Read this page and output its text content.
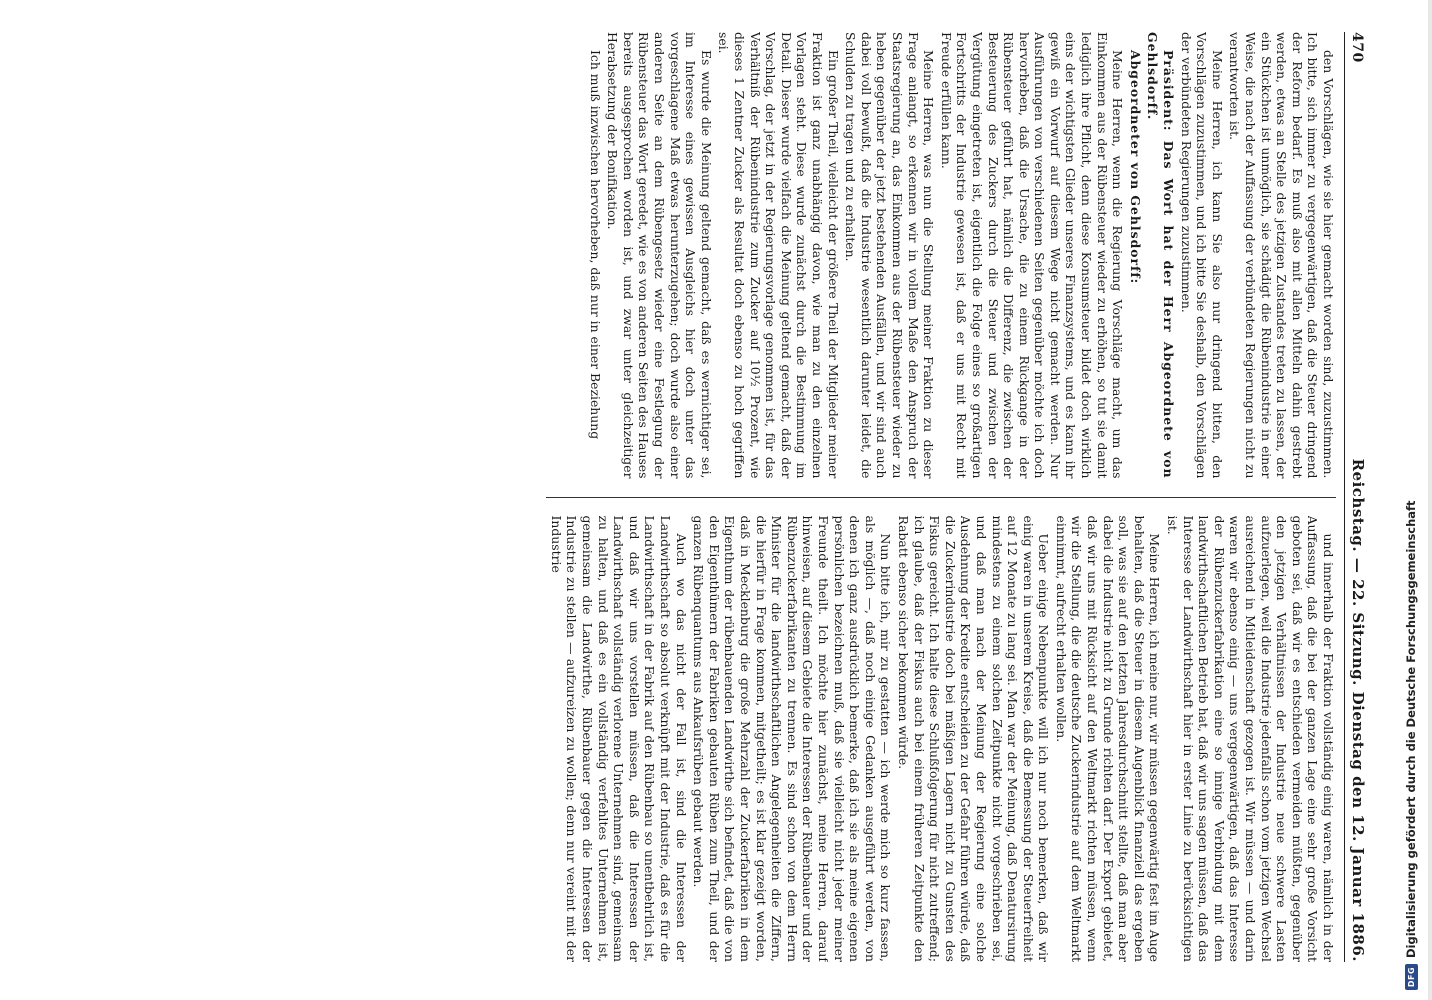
470
Reichstag. — 22. Sitzung. Dienstag den 12. Januar 1886.

den Vorschlägen, wie sie hier gemacht worden sind, zuzustimmen. Ich bitte, sich immer zu vergegenwärtigen, daß die Steuer dringend der Reform bedarf. Es muß also mit allen Mitteln dahin gestrebt werden, etwas an Stelle des jetzigen Zustandes treten zu lassen, der ein Stückchen ist unmöglich, sie schädigt die Rübenindustrie in einer Weise, die nach der Auffassung der verbündeten Regierungen nicht zu verantworten ist.

Meine Herren, ich kann Sie also nur dringend bitten, den Vorschlägen zuzustimmen, und ich bitte Sie deshalb, den Vorschlägen der verbündeten Regierungen zuzustimmen.

Präsident: Das Wort hat der Herr Abgeordnete von Gehlsdorff.

Abgeordneter von Gehlsdorff:

Meine Herren, wenn die Regierung Vorschläge macht, um das Einkommen aus der Rübensteuer wieder zu erhöhen, so tut sie damit lediglich ihre Pflicht, denn diese Konsumsteuer bildet doch wirklich eins der wichtigsten Glieder unseres Finanzsystems, und es kann ihr gewiß ein Vorwurf auf diesem Wege nicht gemacht werden. Nur Ausführungen von verschiedenen Seiten gegenüber möchte ich doch hervorheben, daß die Ursache, die zu einem Rückgange in der Rübensteuer geführt hat, nämlich die Differenz, die zwischen der Besteuerung des Zuckers durch die Steuer und zwischen der Vergütung eingetreten ist, eigentlich die Folge eines so großartigen Fortschritts der Industrie gewesen ist, daß er uns mit Recht mit Freude erfüllen kann.

Meine Herren, was nun die Stellung meiner Fraktion zu dieser Frage anlangt, so erkennen wir in vollem Maße den Anspruch der Staatsregierung an, das Einkommen aus der Rübensteuer wieder zu heben gegenüber der jetzt bestehenden Ausfällen, und wir sind auch dabei voll bewußt, daß die Industrie wesentlich darunter leidet, die Schulden zu tragen und zu erhalten.

Ein großer Theil, vielleicht der größere Theil der Mitglieder meiner Fraktion ist ganz unabhängig davon, wie man zu den einzelnen Vorlagen steht. Diese wurde zunächst durch die Bestimmung im Detail. Dieser wurde vielfach die Meinung geltend gemacht, daß der Vorschlag, der jetzt in der Regierungsvorlage genommen ist, für das Verhältniß der Rübenindustrie zum Zucker auf 10½ Prozent, wie dieses 1 Zentner Zucker als Resultat doch ebenso zu hoch gegriffen sei.

Es wurde die Meinung geltend gemacht, daß es wernichtiger sei, im Interesse eines gewissen Ausgleichs hier doch unter das vorgeschlagene Maß etwas herunterzugehen; doch wurde also einer anderen Seite an dem Rübengesetz wieder eine Festlegung der Rübensteuer das Wort geredet, wie es von anderen Seiten des Hauses bereits ausgesprochen worden ist, und zwar unter gleichzeitiger Herabsetzung der Bonifikation.

Ich muß inzwischen hervorheben, daß nur in einer Beziehung

und innerhalb der Fraktion vollständig einig waren, nämlich in der Auffassung, daß die bei der ganzen Lage eine sehr große Vorsicht geboten sei, daß wir es entschieden vermeiden müßten, gegenüber den jetzigen Verhältnissen der Industrie neue schwere Lasten aufzuerlegen, weil die Industrie jedenfalls schon vom jetzigen Wechsel ausreichend in Mitleidenschaft gezogen ist. Wir müssen — und darin waren wir ebenso einig — uns vergegenwärtigen, daß das Interesse der Rübenzuckerfabrikation eine so innige Verbindung mit dem landwirthschaftlichen Betrieb hat, daß wir uns sagen müssen, daß das Interesse der Landwirthschaft hier in erster Linie zu berücksichtigen ist.

Meine Herren, ich meine nur, wir müssen gegenwärtig fest im Auge behalten, daß die Steuer in diesem Augenblick finanziell das ergeben soll, was sie auf den letzten Jahresdurchschnitt stellte, daß man aber dabei die Industrie nicht zu Grunde richten darf. Der Export gebietet, daß wir uns mit Rücksicht auf den Weltmarkt richten müssen, wenn wir die Stellung, die die deutsche Zuckerindustrie auf dem Weltmarkt einnimmt, aufrecht erhalten wollen.

Ueber einige Nebenpunkte will ich nur noch bemerken, daß wir einig waren in unserem Kreise, daß die Bemessung der Steuerfreiheit auf 12 Monate zu lang sei. Man war der Meinung, daß Denatursirung mindestens zu einem solchen Zeitpunkte nicht vorgeschrieben sei, und daß man nach der Meinung der Regierung eine solche Ausdehnung der Kredite entscheiden zu der Gefahr führen würde, daß die Zuckerindustrie doch bei mäßigen Lagern nicht zu Gunsten des Fiskus gereicht. Ich halte diese Schlußfolgerung für nicht zutreffend; ich glaube, daß der Fiskus auch bei einem früheren Zeitpunkte den Rabatt ebenso sicher bekommen würde.

Nun bitte ich, mir zu gestatten — ich werde mich so kurz fassen, als möglich —, daß noch einige Gedanken ausgeführt werden, von denen ich ganz ausdrücklich bemerke, daß ich sie als meine eigenen persönlichen bezeichnen muß, daß sie vielleicht nicht jeder meiner Freunde theilt. Ich möchte hier zunächst, meine Herren, darauf hinweisen, auf diesem Gebiete die Interessen der Rübenbauer und der Rübenzuckerfabrikanten zu trennen. Es sind schon von dem Herrn Minister für die landwirthschaftlichen Angelegenheiten die Ziffern, die hierfür in Frage kommen, mitgetheilt; es ist klar gezeigt worden, daß in Mecklenburg die große Mehrzahl der Zuckerfabriken in dem Eigenthum der rübenbauenden Landwirthe sich befindet, daß die von den Eigenthümern der Fabriken gebauten Rüben zum Theil, und der ganzen Rübenquantums aus Ankaufsrüben gebaut werden.

Auch wo das nicht der Fall ist, sind die Interessen der Landwirthschaft so absolut verknüpft mit der Industrie, daß es für die Landwirthschaft in der Fabrik auf den Rübenbau so unentbehrlich ist, und daß wir uns vorstellen müssen, daß die Interessen der Landwirthschaft vollständig verlorene Unternehmen sind, gemeinsam zu halten, und daß es ein vollständig verfehltes Unternehmen ist, gemeinsam die Landwirthe, Rübenbauer gegen die Interessen der Industrie zu stellen — aufzureizen zu wollen; denn nur vereint mit der Industrie

DFG
Digitalisierung gefördert durch die Deutsche Forschungsgemeinschaft
